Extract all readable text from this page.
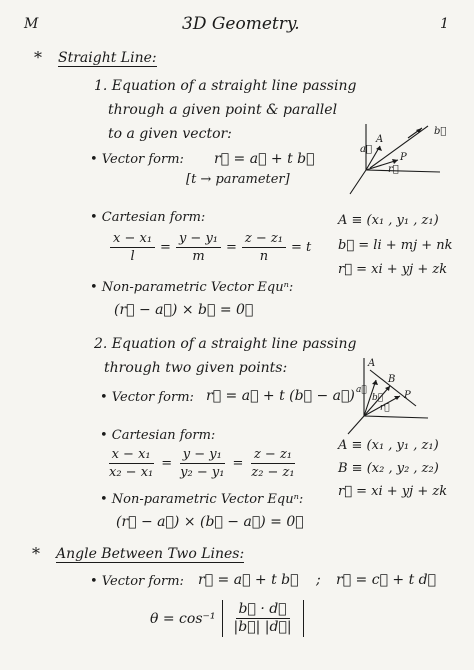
M	3D Geometry.	1
* Straight Line:
1. Equation of a straight line passing
through a given point & parallel
to a given vector:
• Vector form: r⃗ = a⃗ + t b⃗
[t → parameter]
• Cartesian form:
$\frac{\text{x − x₁}}{l} = \frac{\text{y − y₁}}{m} = \frac{\text{z − z₁}}{n} = t$
• Non-parametric Vector Equⁿ:
(r⃗ − a⃗) × b⃗ = 0⃗
A ≡ (x₁ , y₁ , z₁)
b⃗ = li + mj + nk
r⃗ = xi + yj + zk
a⃗
r⃗
A
P
b⃗
2. Equation of a straight line passing
through two given points:
• Vector form: r⃗ = a⃗ + t (b⃗ − a⃗)
• Cartesian form:
$\frac{\text{x − x₁}}{\text{x₂ − x₁}} = \frac{\text{y − y₁}}{\text{y₂ − y₁}} = \frac{\text{z − z₁}}{\text{z₂ − z₁}}$
• Non-parametric Vector Equⁿ:
(r⃗ − a⃗) × (b⃗ − a⃗) = 0⃗
A ≡ (x₁ , y₁ , z₁)
B ≡ (x₂ , y₂ , z₂)
r⃗ = xi + yj + zk
a⃗
b⃗
r⃗
A
B
P
* Angle Between Two Lines:
• Vector form: r⃗ = a⃗ + t b⃗ ; r⃗ = c⃗ + t d⃗
$\theta = \cos^{-1} \frac{b⃗ \cdot d⃗}{|b⃗| |d⃗|}$
